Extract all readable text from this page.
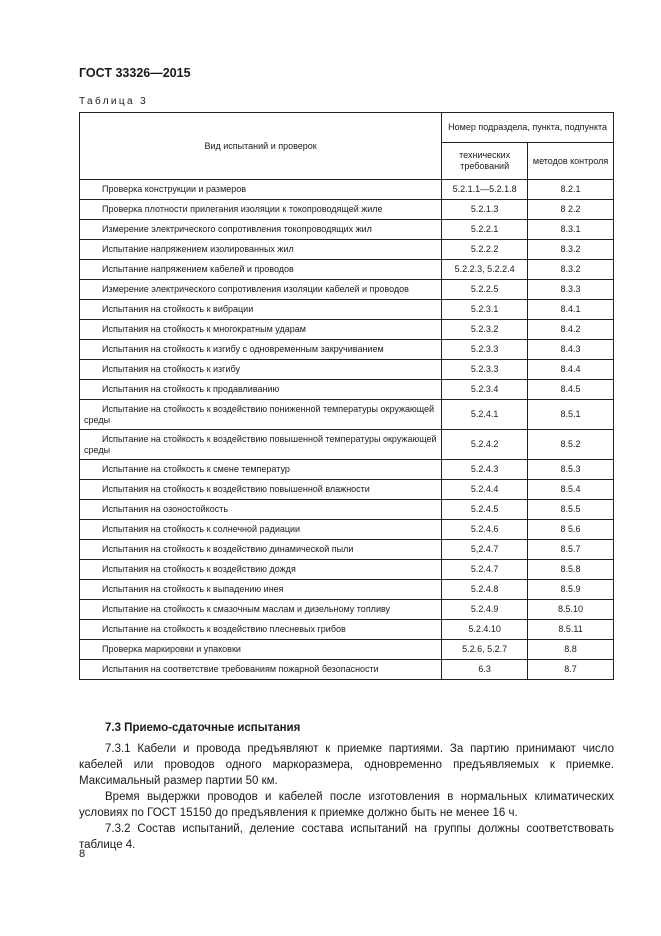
ГОСТ 33326—2015
Таблица 3
Вид испытаний и проверок	Номер подраздела, пункта, подпункта	
	технических требований	методов контроля
Проверка конструкции и размеров	5.2.1.1—5.2.1.8	8.2.1
Проверка плотности прилегания изоляции к токопроводящей жиле	5.2.1.3	8 2.2
Измерение электрического сопротивления токопроводящих жил	5.2.2.1	8.3.1
Испытание напряжением изолированных жил	5.2.2.2	8.3.2
Испытание напряжением кабелей и проводов	5.2.2.3, 5.2.2.4	8.3.2
Измерение электрического сопротивления изоляции кабелей и проводов	5.2.2.5	8.3.3
Испытания на стойкость к вибрации	5.2.3.1	8.4.1
Испытания на стойкость к многократным ударам	5.2.3.2	8.4.2
Испытания на стойкость к изгибу с одновременным закручиванием	5.2.3.3	8.4.3
Испытания на стойкость к изгибу	5.2.3.3	8.4.4
Испытания на стойкость к продавливанию	5.2.3.4	8.4.5
Испытание на стойкость к воздействию пониженной температуры окружающей среды	5.2.4.1	8.5.1
Испытание на стойкость к воздействию повышенной температуры окружающей среды	5.2.4.2	8.5.2
Испытание на стойкость к смене температур	5.2.4.3	8.5.3
Испытания на стойкость к воздействию повышенной влажности	5.2.4.4	8.5.4
Испытания на озоностойкость	5.2.4.5	8.5.5
Испытания на стойкость к солнечной радиации	5.2.4.6	8 5.6
Испытания на стойкость к воздействию динамической пыли	5,2.4.7	8.5.7
Испытания на стойкость к воздействию дождя	5.2.4.7	8.5.8
Испытания на стойкость к выпадению инея	5.2.4.8	8.5.9
Испытание на стойкость к смазочным маслам и дизельному топливу	5.2.4.9	8.5.10
Испытание на стойкость к воздействию плесневых грибов	5.2.4.10	8.5.11
Проверка маркировки и упаковки	5.2.6, 5.2.7	8.8
Испытания на соответствие требованиям пожарной безопасности	6.3	8.7
7.3 Приемо-сдаточные испытания

7.3.1 Кабели и провода предъявляют к приемке партиями. За партию принимают число кабелей или проводов одного маркоразмера, одновременно предъявляемых к приемке. Максимальный размер партии 50 км.

Время выдержки проводов и кабелей после изготовления в нормальных климатических условиях по ГОСТ 15150 до предъявления к приемке должно быть не менее 16 ч.

7.3.2 Состав испытаний, деление состава испытаний на группы должны соответствовать таблице 4.

8
